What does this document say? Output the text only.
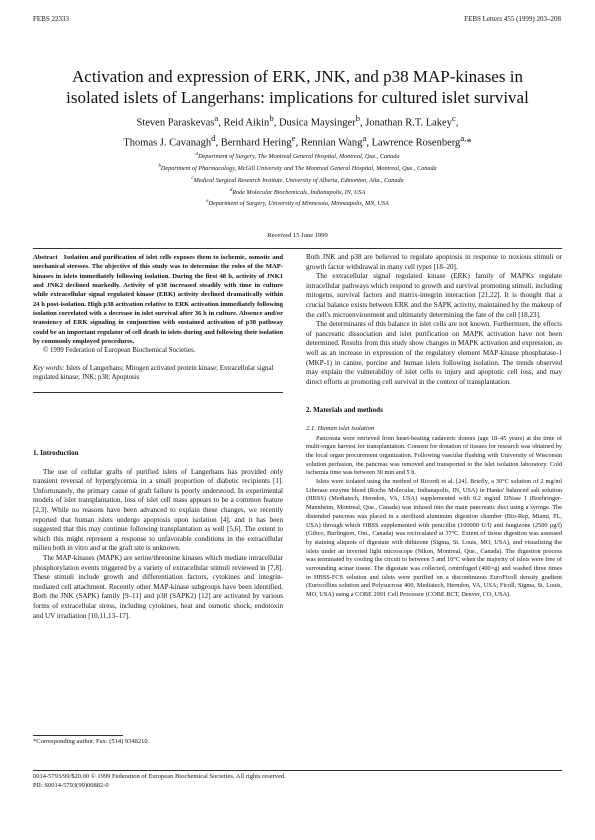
FEBS 22333	FEBS Letters 455 (1999) 203–208
Activation and expression of ERK, JNK, and p38 MAP-kinases in
isolated islets of Langerhans: implications for cultured islet survival
Steven Paraskevas$^a$, Reid Aikin$^b$, Dusica Maysinger$^b$, Jonathan R.T. Lakey$^c$,
Thomas J. Cavanagh$^d$, Bernhard Hering$^e$, Rennian Wang$^a$, Lawrence Rosenberg$^{a,}$*
$^a$Department of Surgery, The Montreal General Hospital, Montreal, Que., Canada
$^b$Department of Pharmacology, McGill University and The Montreal General Hospital, Montreal, Que., Canada
$^c$Medical Surgical Research Institute, University of Alberta, Edmonton, Alta., Canada
$^d$Rode Molecular Biochemicals, Indianapolis, IN, USA
$^e$Department of Surgery, University of Minnesota, Minneapolis, MN, USA
Received 15 June 1999
Abstract Isolation and purification of islet cells exposes them to ischemic, osmotic and mechanical stresses. The objective of this study was to determine the roles of the MAP-kinases in islets immediately following isolation. During the first 48 h, activity of JNK1 and JNK2 declined markedly. Activity of p38 increased steadily with time in culture while extracellular signal regulated kinase (ERK) activity declined dramatically within 24 h post-isolation. High p38 activation relative to ERK activation immediately following isolation correlated with a decrease in islet survival after 36 h in culture. Absence and/or transiency of ERK signaling in conjunction with sustained activation of p38 pathway could be an important regulator of cell death in islets during and following their isolation by commonly employed procedures.
© 1999 Federation of European Biochemical Societies.
Key words: Islets of Langerhans; Mitogen activated protein kinase; Extracellular signal regulated kinase; JNK; p38; Apoptosis
1. Introduction

The use of cellular grafts of purified islets of Langerhans has provided only transient reversal of hyperglycemia in a small proportion of diabetic recipients [1]. Unfortunately, the primary cause of graft failure is poorly understood. In experimental models of islet transplantation, loss of islet cell mass appears to be a common feature [2,3]. While no reasons have been advanced to explain these changes, we recently reported that human islets undergo apoptosis upon isolation [4], and it has been suggested that this may continue following transplantation as well [5,6]. The extent to which this might represent a response to unfavorable conditions in the extracellular milieu both in vitro and at the graft site is unknown.

The MAP-kinases (MAPK) are serine/threonine kinases which mediate intracellular phosphorylation events triggered by a variety of extracellular stimuli reviewed in [7,8]. These stimuli include growth and differentiation factors, cytokines and integrin-mediated cell attachment. Recently other MAP-kinase subgroups have been identified. Both the JNK (SAPK) family [9–11] and p38 (SAPK2) [12] are activated by various forms of extracellular stress, including cytokines, heat and osmotic shock, endotoxin and UV irradiation [10,11,13–17].

*Corresponding author. Fax: (514) 9348210.

Both JNK and p38 are believed to regulate apoptosis in response to noxious stimuli or growth factor withdrawal in many cell types [18–20].

The extracellular signal regulated kinase (ERK) family of MAPKs regulate intracellular pathways which respond to growth and survival promoting stimuli, including mitogens, survival factors and matrix-integrin interaction [21,22]. It is thought that a crucial balance exists between ERK and the SAPK activity, maintained by the makeup of the cell's microenvironment and ultimately determining the fate of the cell [18,23].

The determinants of this balance in islet cells are not known. Furthermore, the effects of pancreatic dissociation and islet purification on MAPK activation have not been determined. Results from this study show changes in MAPK activation and expression, as well as an increase in expression of the regulatory element MAP-kinase phosphatase-1 (MKP-1) in canine, porcine and human islets following isolation. The trends observed may explain the vulnerability of islet cells to injury and apoptotic cell loss, and may direct efforts at promoting cell survival in the context of transplantation.

2. Materials and methods
2.1. Human islet isolation

Pancreata were retrieved from heart-beating cadaveric donors (age 18–45 years) at the time of multi-organ harvest for transplantation. Consent for donation of tissues for research was obtained by the local organ procurement organization. Following vascular flushing with University of Wisconsin solution perfusion, the pancreas was removed and transported to the islet isolation laboratory. Cold ischemia time was between 30 min and 5 h.

Islets were isolated using the method of Ricordi et al. [24]. Briefly, a 30°C solution of 2 mg/ml Liberase enzyme blend (Roche Molecular, Indianapolis, IN, USA) in Hanks' balanced salt solution (HBSS) (Mediatech, Herndon, VA, USA) supplemented with 0.2 mg/ml DNase I (Boehringer-Mannheim, Montreal, Que., Canada) was infused into the main pancreatic duct using a syringe. The distended pancreas was placed in a sterilized aluminum digestion chamber (Bio-Rep, Miami, FL, USA) through which HBSS supplemented with penicillin (100000 U/l) and fungizone (2500 μg/l) (Gibco, Burlington, Ont., Canada) was recirculated at 37°C. Extent of tissue digestion was assessed by staining aliquots of digestate with dithizone (Sigma, St. Louis, MO, USA), and visualizing the islets under an inverted light microscope (Nikon, Montreal, Que., Canada). The digestion process was terminated by cooling the circuit to between 5 and 10°C when the majority of islets were free of surrounding acinar tissue. The digestate was collected, centrifuged (400×g) and washed three times in HBSS-FCS solution and islets were purified on a discontinuous EuroFicoll density gradient (Eurocollins solution and Polysucrose 400, Mediatech, Herndon, VA, USA; Ficoll, Sigma, St. Louis, MO, USA) using a COBE 2991 Cell Processor (COBE BCT, Denver, CO, USA).

0014-5793/99/$20.00 © 1999 Federation of European Biochemical Societies. All rights reserved.
PII: S0014-5793(99)00882-0
